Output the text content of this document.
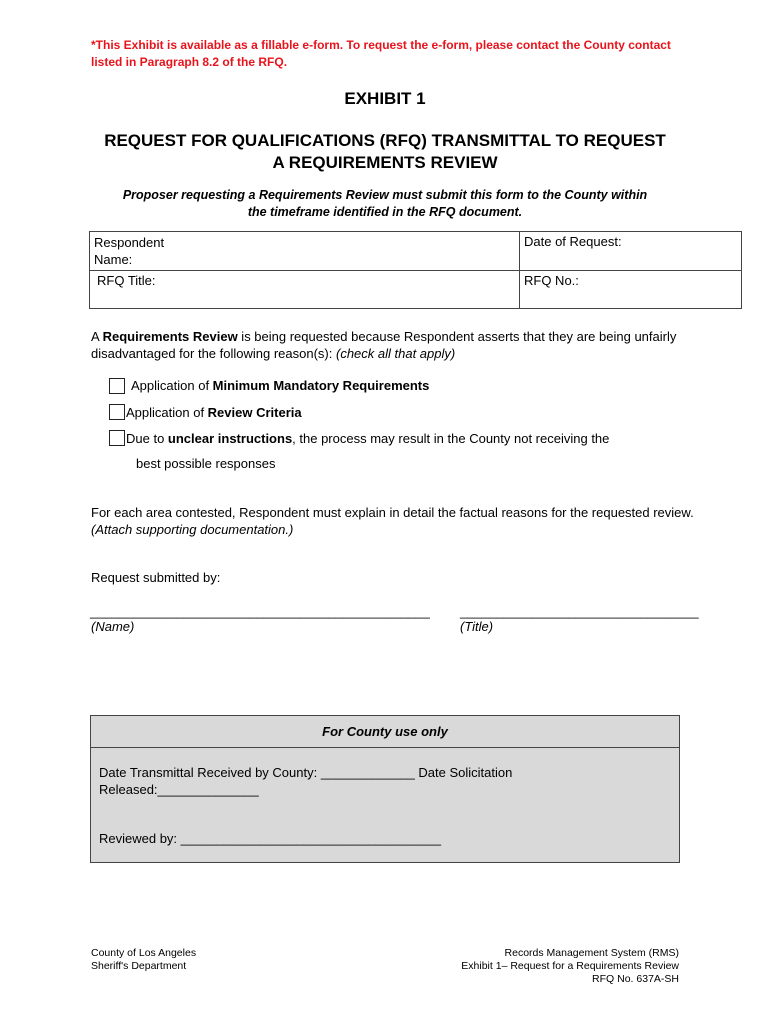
*This Exhibit is available as a fillable e-form. To request the e-form, please contact the County contact listed in Paragraph 8.2 of the RFQ.
EXHIBIT 1
REQUEST FOR QUALIFICATIONS (RFQ) TRANSMITTAL TO REQUEST
A REQUIREMENTS REVIEW
Proposer requesting a Requirements Review must submit this form to the County within
the timeframe identified in the RFQ document.
Respondent Name:	Date of Request:
RFQ Title:	RFQ No.:
A Requirements Review is being requested because Respondent asserts that they are being unfairly disadvantaged for the following reason(s): (check all that apply)
Application of Minimum Mandatory Requirements
Application of Review Criteria
Due to unclear instructions, the process may result in the County not receiving the
best possible responses
For each area contested, Respondent must explain in detail the factual reasons for the requested review. (Attach supporting documentation.)
Request submitted by:
_______________________________________________ _________________________________
(Name)	(Title)
For County use only
Date Transmittal Received by County: _____________ Date Solicitation Released:______________
Reviewed by: ____________________________________
County of Los Angeles
Sheriff's Department
Records Management System (RMS)
Exhibit 1– Request for a Requirements Review
RFQ No. 637A-SH
